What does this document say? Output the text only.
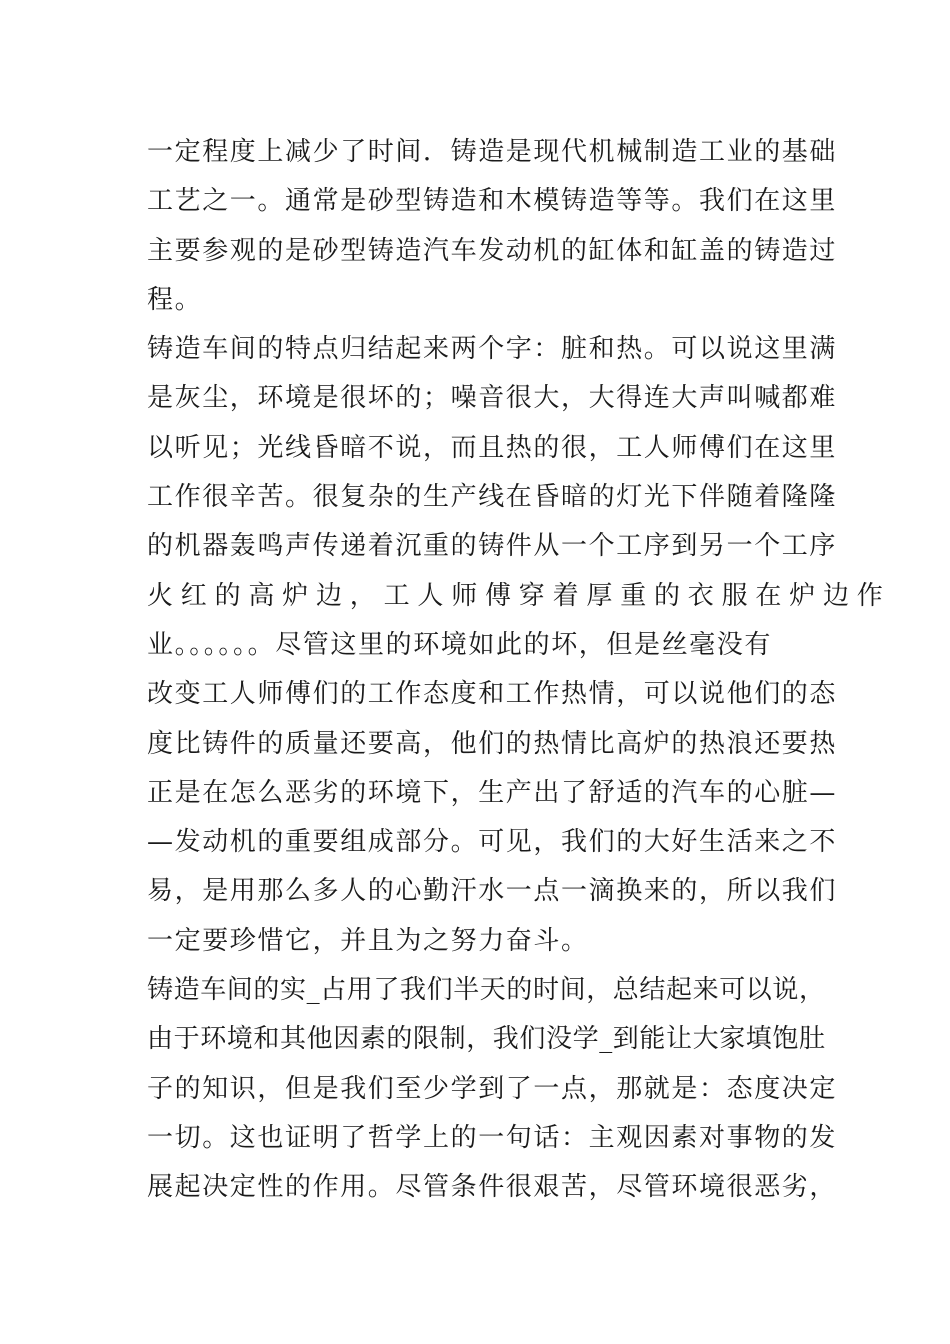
一定程度上减少了时间．铸造是现代机械制造工业的基础
工艺之一。通常是砂型铸造和木模铸造等等。我们在这里
主要参观的是砂型铸造汽车发动机的缸体和缸盖的铸造过
程。
铸造车间的特点归结起来两个字：脏和热。可以说这里满
是灰尘，环境是很坏的；噪音很大，大得连大声叫喊都难
以听见；光线昏暗不说，而且热的很，工人师傅们在这里
工作很辛苦。很复杂的生产线在昏暗的灯光下伴随着隆隆
的机器轰鸣声传递着沉重的铸件从一个工序到另一个工序
火红的高炉边，工人师傅穿着厚重的衣服在炉边作
业。。。。。。尽管这里的环境如此的坏，但是丝毫没有
改变工人师傅们的工作态度和工作热情，可以说他们的态
度比铸件的质量还要高，他们的热情比高炉的热浪还要热
正是在怎么恶劣的环境下，生产出了舒适的汽车的心脏—
—发动机的重要组成部分。可见，我们的大好生活来之不
易，是用那么多人的心勤汗水一点一滴换来的，所以我们
一定要珍惜它，并且为之努力奋斗。
铸造车间的实_占用了我们半天的时间，总结起来可以说，
由于环境和其他因素的限制，我们没学_到能让大家填饱肚
子的知识，但是我们至少学到了一点，那就是：态度决定
一切。这也证明了哲学上的一句话：主观因素对事物的发
展起决定性的作用。尽管条件很艰苦，尽管环境很恶劣，
